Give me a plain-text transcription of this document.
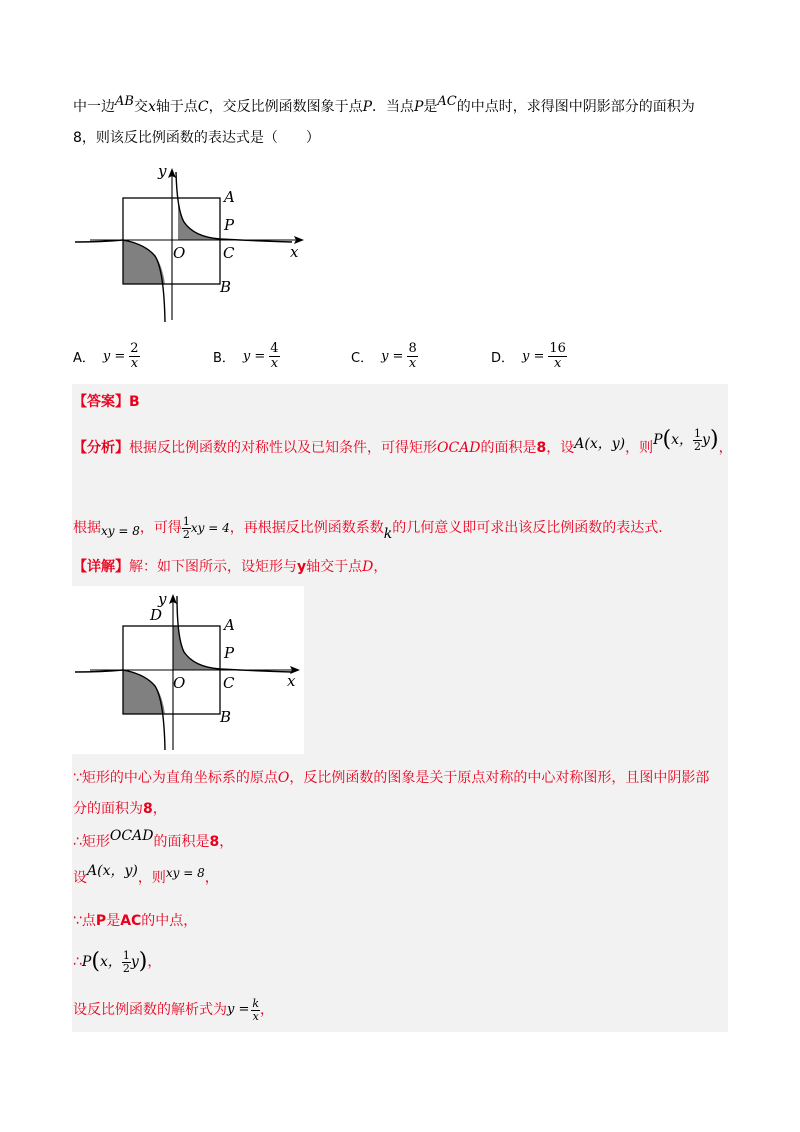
中一边AB交x轴于点C，交反比例函数图象于点P．当点P是AC的中点时，求得图中阴影部分的面积为
8，则该反比例函数的表达式是（　　）
y
A
P
O	C	x
B
A． $y = \frac{2}{x}$	B． $y = \frac{4}{x}$	C． $y = \frac{8}{x}$	D． $y = \frac{16}{x}$
【答案】B
【分析】 根据反比例函数的对称性以及已知条件，可得矩形 OCAD 的面积是 8 ，设 A(x，y) ，则 P ( x， $\frac{1}{2}$ y ) ，
根据 xy = 8 ，可得 $\frac{1}{2}$ xy = 4 ，再根据反比例函数系数 k 的几何意义即可求出该反比例函数的表达式.
【详解】解：如下图所示，设矩形与y轴交于点D，
y
D
A
P
O	C	x
B
∵矩形的中心为直角坐标系的原点O，反比例函数的图象是关于原点对称的中心对称图形，且图中阴影部
分的面积为8，
∴矩形OCAD的面积是8，
设 A(x，y) ，则 xy = 8 ，
∵点P是AC的中点，
∴ P ( x， $\frac{1}{2}$ y ) ，
设反比例函数的解析式为 $y = \frac{k}{x}$ ，
